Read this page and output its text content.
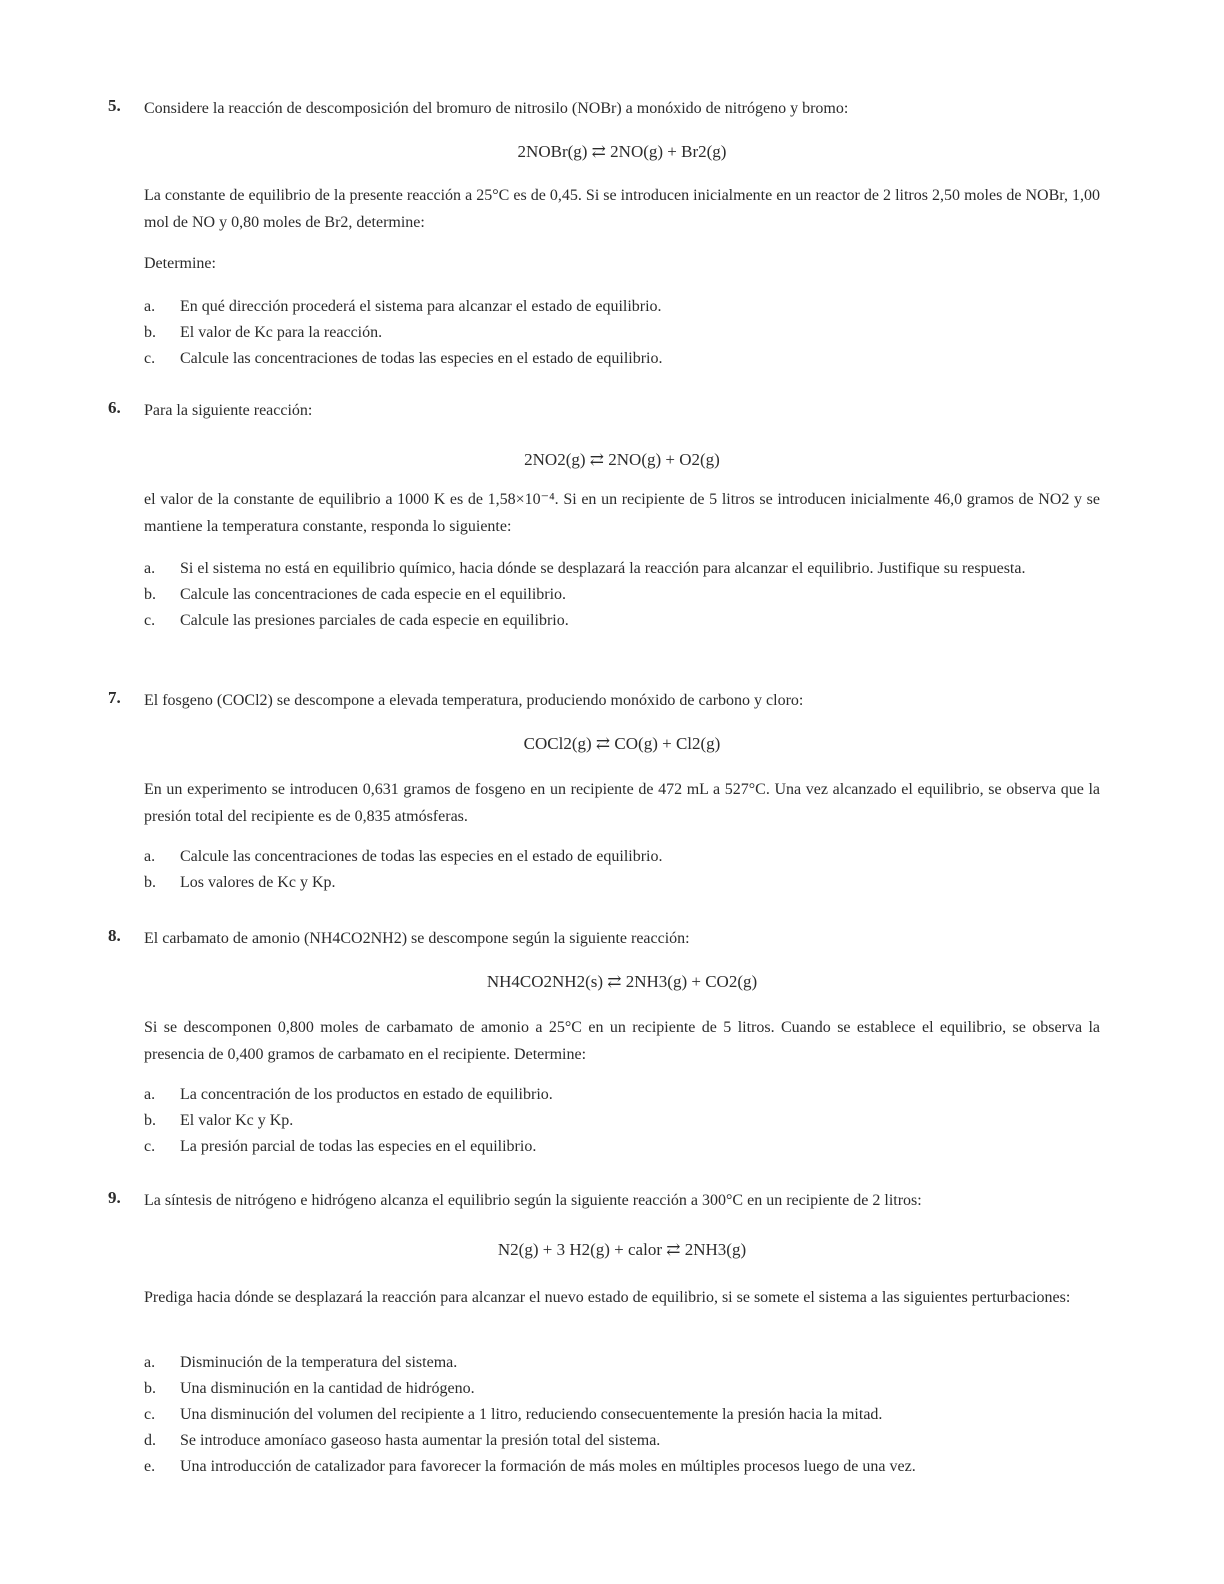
5. Considere la reacción de descomposición del bromuro de nitrosilo (NOBr) a monóxido de nitrógeno y bromo:
2NOBr(g) ⇄ 2NO(g) + Br2(g)
La constante de equilibrio de la presente reacción a 25°C es de 0,45. Si se introducen inicialmente en un reactor de 2 litros 2,50 moles de NOBr, 1,00 mol de NO y 0,80 moles de Br2, determine:
Determine:
a. En qué dirección procederá el sistema para alcanzar el estado de equilibrio.
b. El valor de Kc para la reacción.
c. Calcule las concentraciones de todas las especies en el estado de equilibrio.
6. Para la siguiente reacción:
2NO2(g) ⇄ 2NO(g) + O2(g)
el valor de la constante de equilibrio a 1000 K es de 1,58×10⁻⁴. Si en un recipiente de 5 litros se introducen inicialmente 46,0 gramos de NO2 y se mantiene la temperatura constante, responda lo siguiente:
a. Si el sistema no está en equilibrio químico, hacia dónde se desplazará la reacción para alcanzar el equilibrio. Justifique su respuesta.
b. Calcule las concentraciones de cada especie en el equilibrio.
c. Calcule las presiones parciales de cada especie en equilibrio.
7. El fosgeno (COCl2) se descompone a elevada temperatura, produciendo monóxido de carbono y cloro:
COCl2(g) ⇄ CO(g) + Cl2(g)
En un experimento se introducen 0,631 gramos de fosgeno en un recipiente de 472 mL a 527°C. Una vez alcanzado el equilibrio, se observa que la presión total del recipiente es de 0,835 atmósferas.
a. Calcule las concentraciones de todas las especies en el estado de equilibrio.
b. Los valores de Kc y Kp.
8. El carbamato de amonio (NH4CO2NH2) se descompone según la siguiente reacción:
NH4CO2NH2(s) ⇄ 2NH3(g) + CO2(g)
Si se descomponen 0,800 moles de carbamato de amonio a 25°C en un recipiente de 5 litros. Cuando se establece el equilibrio, se observa la presencia de 0,400 gramos de carbamato en el recipiente. Determine:
a. La concentración de los productos en estado de equilibrio.
b. El valor Kc y Kp.
c. La presión parcial de todas las especies en el equilibrio.
9. La síntesis de nitrógeno e hidrógeno alcanza el equilibrio según la siguiente reacción a 300°C en un recipiente de 2 litros:
N2(g) + 3 H2(g) + calor ⇄ 2NH3(g)
Prediga hacia dónde se desplazará la reacción para alcanzar el nuevo estado de equilibrio, si se somete el sistema a las siguientes perturbaciones:
a. Disminución de la temperatura del sistema.
b. Una disminución en la cantidad de hidrógeno.
c. Una disminución del volumen del recipiente a 1 litro, reduciendo consecuentemente la presión hacia la mitad.
d. Se introduce amoníaco gaseoso hasta aumentar la presión total del sistema.
e. Una introducción de catalizador para favorecer la formación de más moles en múltiples procesos luego de una vez.
